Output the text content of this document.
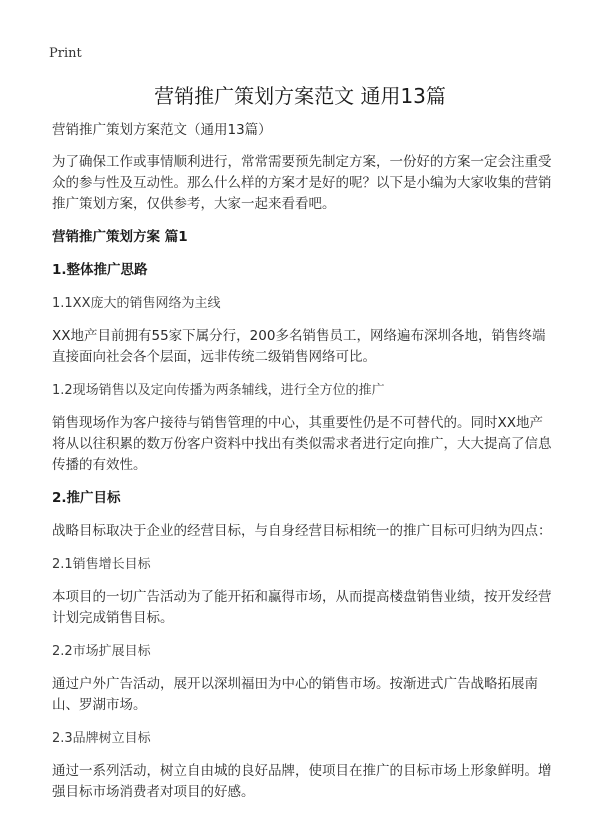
Print
营销推广策划方案范文 通用13篇

营销推广策划方案范文（通用13篇）

为了确保工作或事情顺利进行，常常需要预先制定方案，一份好的方案一定会注重受众的参与性及互动性。那么什么样的方案才是好的呢？以下是小编为大家收集的营销推广策划方案，仅供参考，大家一起来看看吧。

营销推广策划方案 篇1

1.整体推广思路

1.1XX庞大的销售网络为主线

XX地产目前拥有55家下属分行，200多名销售员工，网络遍布深圳各地，销售终端直接面向社会各个层面，远非传统二级销售网络可比。

1.2现场销售以及定向传播为两条辅线，进行全方位的推广

销售现场作为客户接待与销售管理的中心，其重要性仍是不可替代的。同时XX地产将从以往积累的数万份客户资料中找出有类似需求者进行定向推广，大大提高了信息传播的有效性。

2.推广目标

战略目标取决于企业的经营目标，与自身经营目标相统一的推广目标可归纳为四点：

2.1销售增长目标

本项目的一切广告活动为了能开拓和赢得市场，从而提高楼盘销售业绩，按开发经营计划完成销售目标。

2.2市场扩展目标

通过户外广告活动，展开以深圳福田为中心的销售市场。按渐进式广告战略拓展南山、罗湖市场。

2.3品牌树立目标

通过一系列活动，树立自由城的良好品牌，使项目在推广的目标市场上形象鲜明。增强目标市场消费者对项目的好感。
